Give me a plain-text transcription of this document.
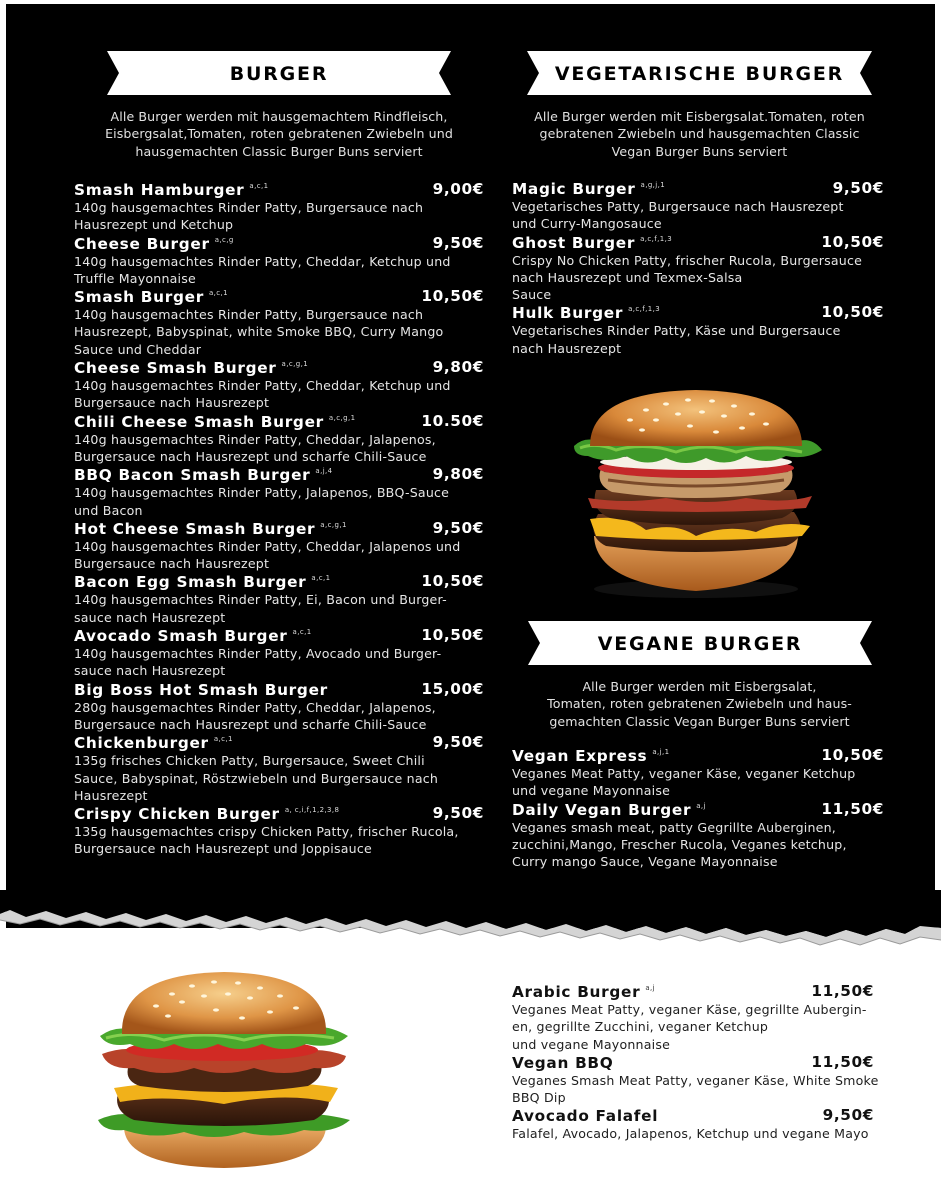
BURGER	VEGETARISCHE BURGER
VEGANE BURGER
Alle Burger werden mit hausgemachtem Rindfleisch,
Eisbergsalat,Tomaten, roten gebratenen Zwiebeln und
hausgemachten Classic Burger Buns serviert
Alle Burger werden mit Eisbergsalat.Tomaten, roten
gebratenen Zwiebeln und hausgemachten Classic
Vegan Burger Buns serviert
Alle Burger werden mit Eisbergsalat,
Tomaten, roten gebratenen Zwiebeln und haus-
gemachten Classic Vegan Burger Buns serviert
Smash Hamburger $^{a,c,1}$	9,00€
140g hausgemachtes Rinder Patty, Burgersauce nach
Hausrezept und Ketchup
Cheese Burger $^{a,c,g}$	9,50€
140g hausgemachtes Rinder Patty, Cheddar, Ketchup und
Truffle Mayonnaise
Smash Burger $^{a,c,1}$	10,50€
140g hausgemachtes Rinder Patty, Burgersauce nach
Hausrezept, Babyspinat, white Smoke BBQ, Curry Mango
Sauce und Cheddar
Cheese Smash Burger $^{a,c,g,1}$	9,80€
140g hausgemachtes Rinder Patty, Cheddar, Ketchup und
Burgersauce nach Hausrezept
Chili Cheese Smash Burger $^{a,c,g,1}$	10.50€
140g hausgemachtes Rinder Patty, Cheddar, Jalapenos,
Burgersauce nach Hausrezept und scharfe Chili-Sauce
BBQ Bacon Smash Burger $^{a,j,4}$	9,80€
140g hausgemachtes Rinder Patty, Jalapenos, BBQ-Sauce
und Bacon
Hot Cheese Smash Burger $^{a,c,g,1}$	9,50€
140g hausgemachtes Rinder Patty, Cheddar, Jalapenos und
Burgersauce nach Hausrezept
Bacon Egg Smash Burger $^{a,c,1}$	10,50€
140g hausgemachtes Rinder Patty, Ei, Bacon und Burger-
sauce nach Hausrezept
Avocado Smash Burger $^{a,c,1}$	10,50€
140g hausgemachtes Rinder Patty, Avocado und Burger-
sauce nach Hausrezept
Big Boss Hot Smash Burger	15,00€
280g hausgemachtes Rinder Patty, Cheddar, Jalapenos,
Burgersauce nach Hausrezept und scharfe Chili-Sauce
Chickenburger $^{a,c,1}$	9,50€
135g frisches Chicken Patty, Burgersauce, Sweet Chili
Sauce, Babyspinat, Röstzwiebeln und Burgersauce nach
Hausrezept
Crispy Chicken Burger $^{a, c,i,f,1,2,3,8}$	9,50€
135g hausgemachtes crispy Chicken Patty, frischer Rucola,
Burgersauce nach Hausrezept und Joppisauce
Magic Burger $^{a,g,j,1}$	9,50€
Vegetarisches Patty, Burgersauce nach Hausrezept
und Curry-Mangosauce
Ghost Burger $^{a,c,f,1,3}$	10,50€
Crispy No Chicken Patty, frischer Rucola, Burgersauce
nach Hausrezept und Texmex-Salsa
Sauce
Hulk Burger $^{a,c,f,1,3}$	10,50€
Vegetarisches Rinder Patty, Käse und Burgersauce
nach Hausrezept
Vegan Express $^{a,j,1}$	10,50€
Veganes Meat Patty, veganer Käse, veganer Ketchup
und vegane Mayonnaise
Daily Vegan Burger $^{a,j}$	11,50€
Veganes smash meat, patty Gegrillte Auberginen,
zucchini,Mango, Frescher Rucola, Veganes ketchup,
Curry mango Sauce, Vegane Mayonnaise
Arabic Burger $^{a,j}$	11,50€
Veganes Meat Patty, veganer Käse, gegrillte Aubergin-
en, gegrillte Zucchini, veganer Ketchup
und vegane Mayonnaise
Vegan BBQ	11,50€
Veganes Smash Meat Patty, veganer Käse, White Smoke
BBQ Dip
Avocado Falafel	9,50€
Falafel, Avocado, Jalapenos, Ketchup und vegane Mayo
